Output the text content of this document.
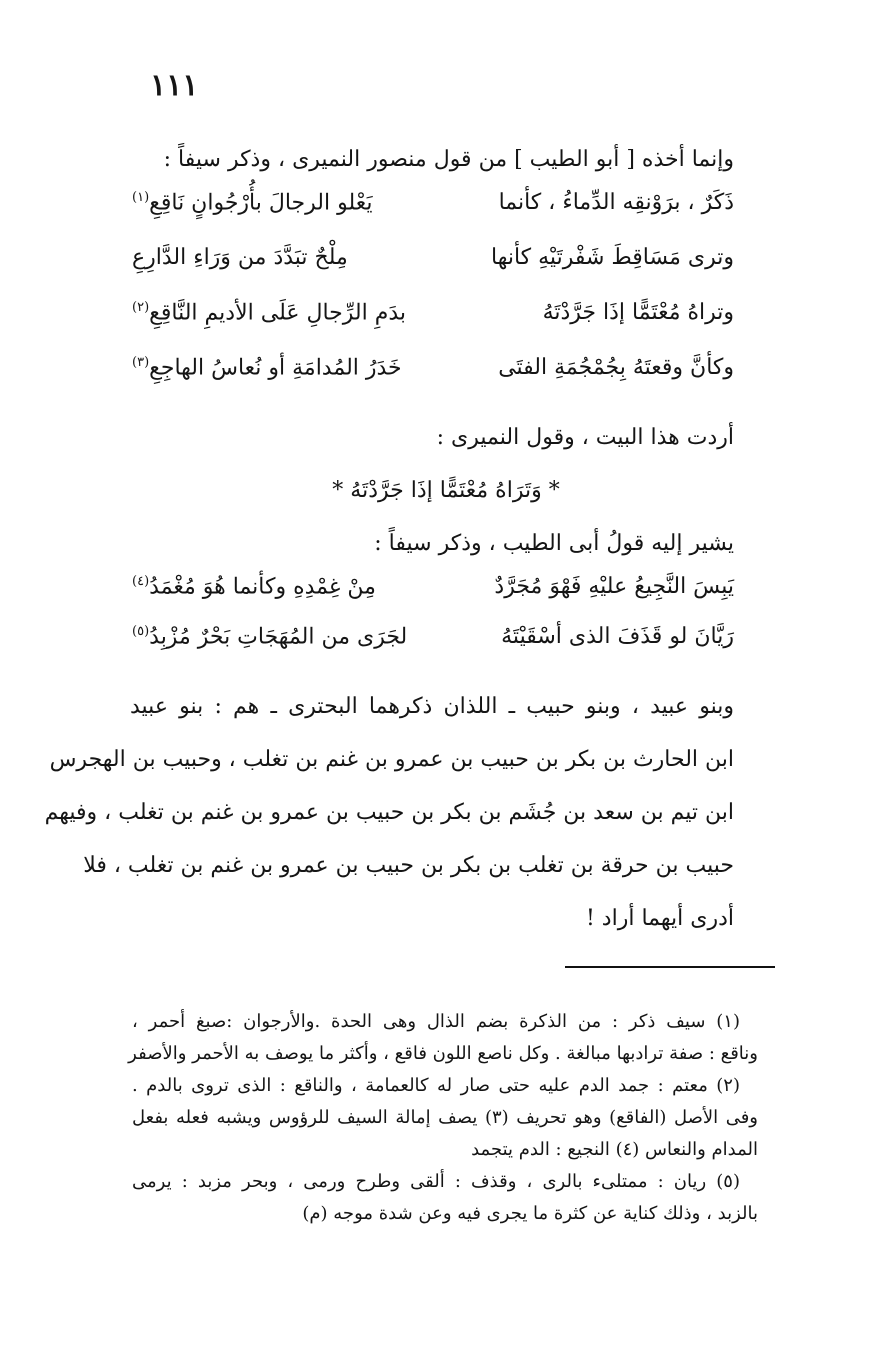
١١١
وإنما أخذه [ أبو الطيب ] من قول منصور النميرى ، وذكر سيفاً :
ذَكَرٌ ، برَوْنقِه الدِّماءُ ، كأنما
يَعْلو الرجالَ بأُرْجُوانٍ نَاقِعِ$^{(١)}$
وترى مَسَاقِطَ شَفْرتَيْهِ كأنها
مِلْحٌ تبَدَّدَ من وَرَاءِ الدَّارِعِ
وتراهُ مُعْتَمًّا إذَا جَرَّدْتَهُ
بدَمِ الرِّجالِ عَلَى الأديمِ النَّاقِعِ$^{(٢)}$
وكأنَّ وقعتَهُ بِجُمْجُمَةِ الفتَى
خَدَرُ المُدامَةِ أو نُعاسُ الهاجِعِ$^{(٣)}$
أردت هذا البيت ، وقول النميرى :
* وَتَرَاهُ مُعْتَمًّا إذَا جَرَّدْتَهُ *
يشير إليه قولُ أبى الطيب ، وذكر سيفاً :
يَبِسَ النَّجِيعُ عليْهِ فَهْوَ مُجَرَّدٌ
مِنْ غِمْدِهِ وكأنما هُوَ مُغْمَدُ$^{(٤)}$
رَيَّانَ لو قَذَفَ الذى أسْقَيْتَهُ
لجَرَى من المُهَجَاتِ بَحْرٌ مُزْبِدُ$^{(٥)}$
وبنو عبيد ، وبنو حبيب ـ اللذان ذكرهما البحترى ـ هم : بنو عبيد
ابن الحارث بن بكر بن حبيب بن عمرو بن غنم بن تغلب ، وحبيب بن الهجرس
ابن تيم بن سعد بن جُشَم بن بكر بن حبيب بن عمرو بن غنم بن تغلب ، وفيهم
حبيب بن حرقة بن تغلب بن بكر بن حبيب بن عمرو بن غنم بن تغلب ، فلا
أدرى أيهما أراد !
(١) سيف ذكر : من الذكرة بضم الذال وهى الحدة .والأرجوان :صبغ أحمر ،
وناقع : صفة ترادبها مبالغة . وكل ناصع اللون فاقع ، وأكثر ما يوصف به الأحمر والأصفر
(٢) معتم : جمد الدم عليه حتى صار له كالعمامة ، والناقع : الذى تروى بالدم .
وفى الأصل (الفاقع) وهو تحريف (٣) يصف إمالة السيف للرؤوس ويشبه فعله بفعل
المدام والنعاس (٤) النجيع : الدم يتجمد
(٥) ريان : ممتلىء بالرى ، وقذف : ألقى وطرح ورمى ، وبحر مزبد : يرمى
بالزبد ، وذلك كناية عن كثرة ما يجرى فيه وعن شدة موجه (م)
